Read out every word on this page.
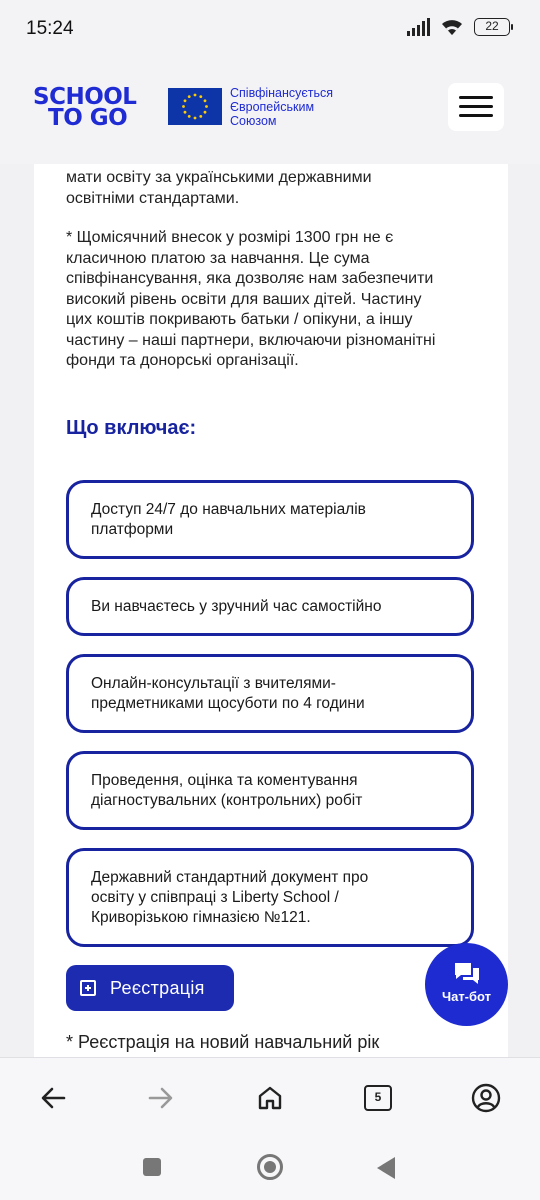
15:24	22
SCHOOL
TO GO
Співфінансується
Європейським
Союзом
мати освіту за українськими державними
освітніми стандартами.
* Щомісячний внесок у розмірі 1300 грн не є
класичною платою за навчання. Це сума
співфінансування, яка дозволяє нам забезпечити
високий рівень освіти для ваших дітей. Частину
цих коштів покривають батьки / опікуни, а іншу
частину – наші партнери, включаючи різноманітні
фонди та донорські організації.
Що включає:
Доступ 24/7 до навчальних матеріалів
платформи
Ви навчаєтесь у зручний час самостійно
Онлайн-консультації з вчителями-
предметниками щосуботи по 4 години
Проведення, оцінка та коментування
діагностувальних (контрольних) робіт
Державний стандартний документ про
освіту у співпраці з Liberty School /
Криворізькою гімназією №121.
Реєстрація
* Реєстрація на новий навчальний рік
Чат-бот
5
